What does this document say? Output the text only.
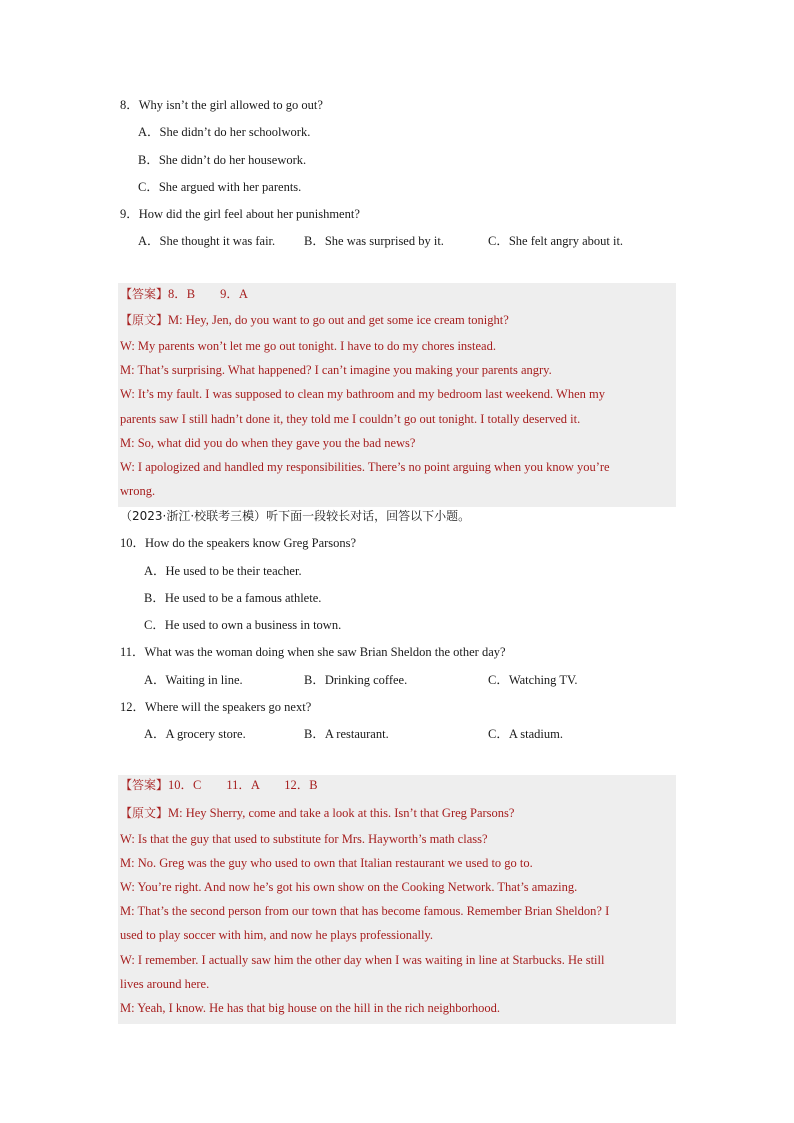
8．Why isn’t the girl allowed to go out?
A．She didn’t do her schoolwork.
B．She didn’t do her housework.
C．She argued with her parents.
9．How did the girl feel about her punishment?
A．She thought it was fair. B．She was surprised by it.	C．She felt angry about it.
【答案】8．B　　9．A
【原文】M: Hey, Jen, do you want to go out and get some ice cream tonight?
W: My parents won’t let me go out tonight. I have to do my chores instead.
M: That’s surprising. What happened? I can’t imagine you making your parents angry.
W: It’s my fault. I was supposed to clean my bathroom and my bedroom last weekend. When my
parents saw I still hadn’t done it, they told me I couldn’t go out tonight. I totally deserved it.
M: So, what did you do when they gave you the bad news?
W: I apologized and handled my responsibilities. There’s no point arguing when you know you’re
wrong.
（2023·浙江·校联考三模）听下面一段较长对话，回答以下小题。
10．How do the speakers know Greg Parsons?
A．He used to be their teacher.
B．He used to be a famous athlete.
C．He used to own a business in town.
11．What was the woman doing when she saw Brian Sheldon the other day?
A．Waiting in line.	B．Drinking coffee.	C．Watching TV.
12．Where will the speakers go next?
A．A grocery store.	B．A restaurant.	C．A stadium.
【答案】10．C　　11．A　　12．B
【原文】M: Hey Sherry, come and take a look at this. Isn’t that Greg Parsons?
W: Is that the guy that used to substitute for Mrs. Hayworth’s math class?
M: No. Greg was the guy who used to own that Italian restaurant we used to go to.
W: You’re right. And now he’s got his own show on the Cooking Network. That’s amazing.
M: That’s the second person from our town that has become famous. Remember Brian Sheldon? I
used to play soccer with him, and now he plays professionally.
W: I remember. I actually saw him the other day when I was waiting in line at Starbucks. He still
lives around here.
M: Yeah, I know. He has that big house on the hill in the rich neighborhood.
